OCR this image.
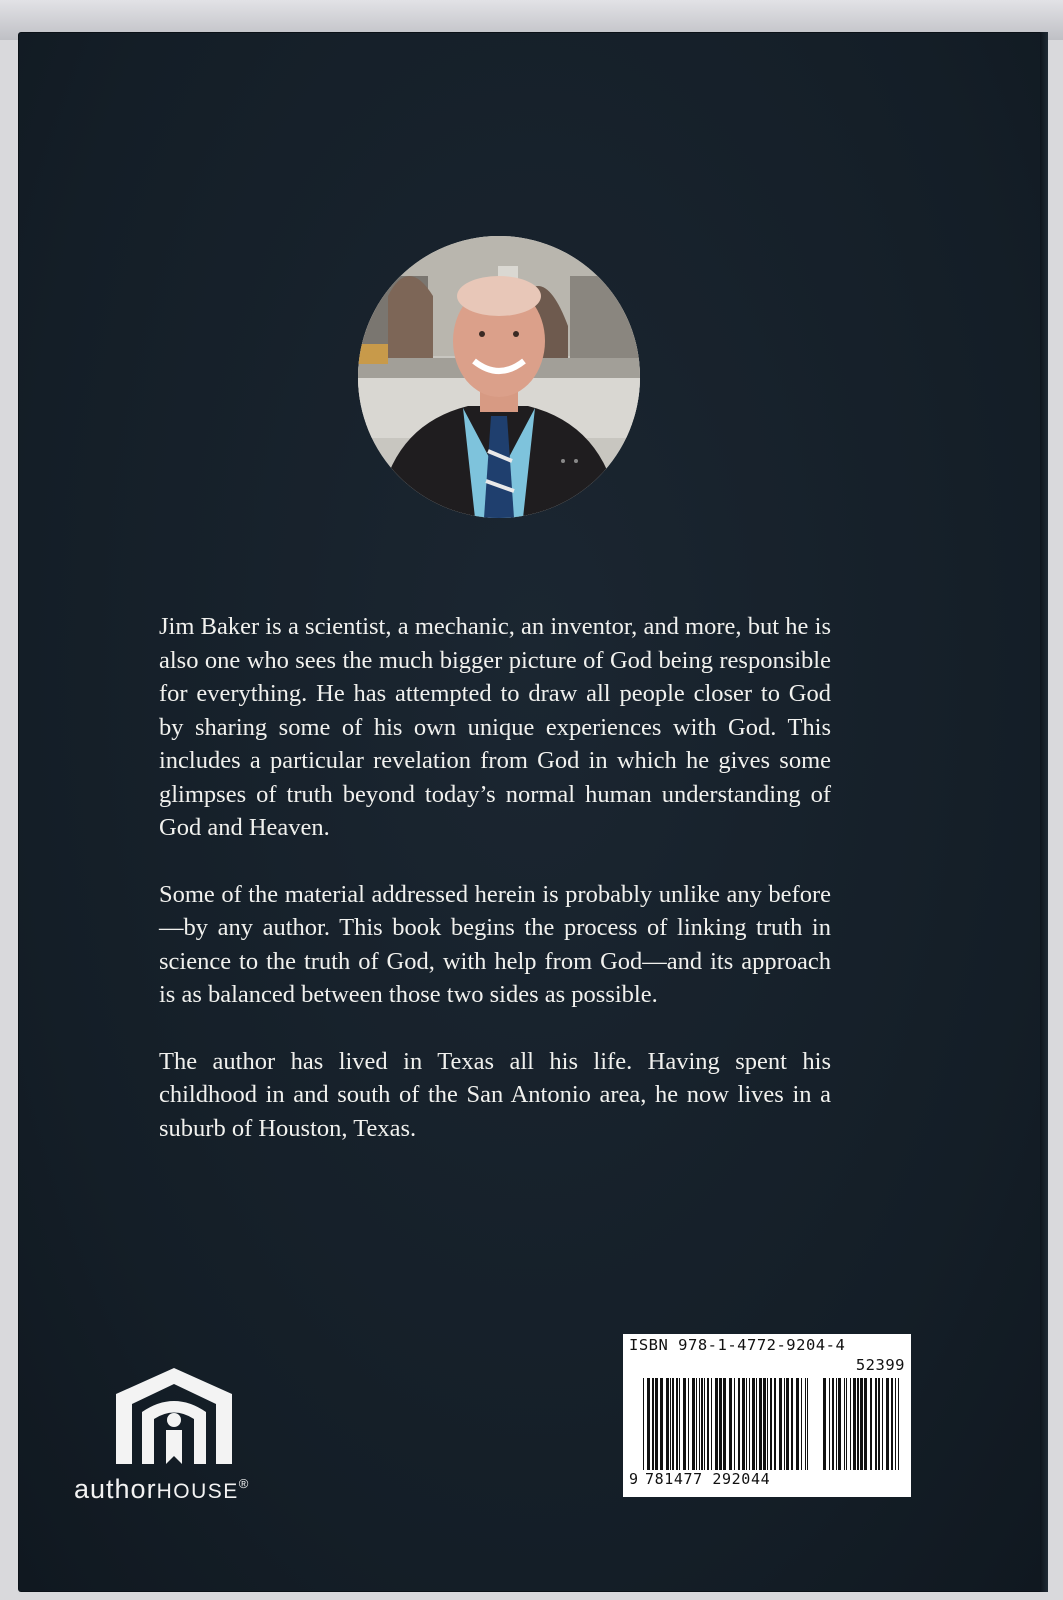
Jim Baker is a scientist, a mechanic, an inventor, and more, but he is also one who sees the much bigger picture of God being responsible for everything. He has attempted to draw all people closer to God by sharing some of his own unique experiences with God. This includes a particular revelation from God in which he gives some glimpses of truth beyond today’s normal human understanding of God and Heaven.

Some of the material addressed herein is probably unlike any before—by any author. This book begins the process of linking truth in science to the truth of God, with help from God—and its approach is as balanced between those two sides as possible.

The author has lived in Texas all his life. Having spent his childhood in and south of the San Antonio area, he now lives in a suburb of Houston, Texas.

authorHOUSE®
ISBN 978-1-4772-9204-4
52399
9 781477 292044
